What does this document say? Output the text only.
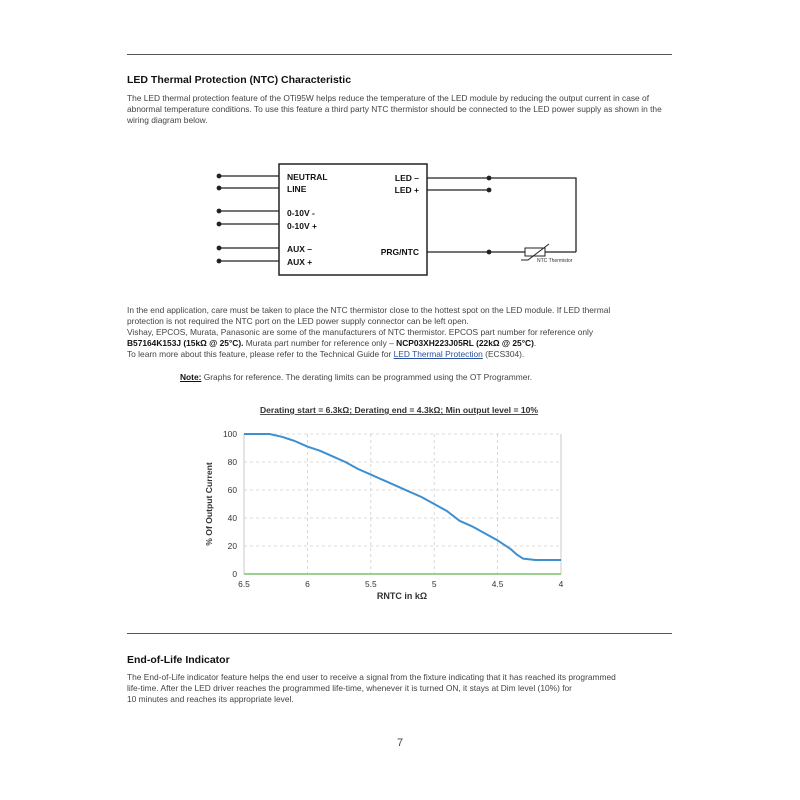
LED Thermal Protection (NTC) Characteristic
The LED thermal protection feature of the OTi95W helps reduce the temperature of the LED module by reducing the output current in case of abnormal temperature conditions. To use this feature a third party NTC thermistor should be connected to the LED power supply as shown in the wiring diagram below.
NEUTRAL
LINE
0-10V -
0-10V +
AUX –
AUX +
LED –
LED +
PRG/NTC
NTC Thermistor
In the end application, care must be taken to place the NTC thermistor close to the hottest spot on the LED module. If LED thermal
protection is not required the NTC port on the LED power supply connector can be left open.
Vishay, EPCOS, Murata, Panasonic are some of the manufacturers of NTC thermistor. EPCOS part number for reference only
B57164K153J (15kΩ @ 25°C). Murata part number for reference only – NCP03XH223J05RL (22kΩ @ 25°C).
To learn more about this feature, please refer to the Technical Guide for LED Thermal Protection (ECS304).
Note: Graphs for reference. The derating limits can be programmed using the OT Programmer.
Derating start = 6.3kΩ; Derating end = 4.3kΩ; Min output level = 10%
0
20
40
60
80
100
6.5	6	5.5	5	4.5	4
RNTC in kΩ
% Of Output Current
End-of-Life Indicator
The End-of-Life indicator feature helps the end user to receive a signal from the fixture indicating that it has reached its programmed
life-time. After the LED driver reaches the programmed life-time, whenever it is turned ON, it stays at Dim level (10%) for
10 minutes and reaches its appropriate level.
7
